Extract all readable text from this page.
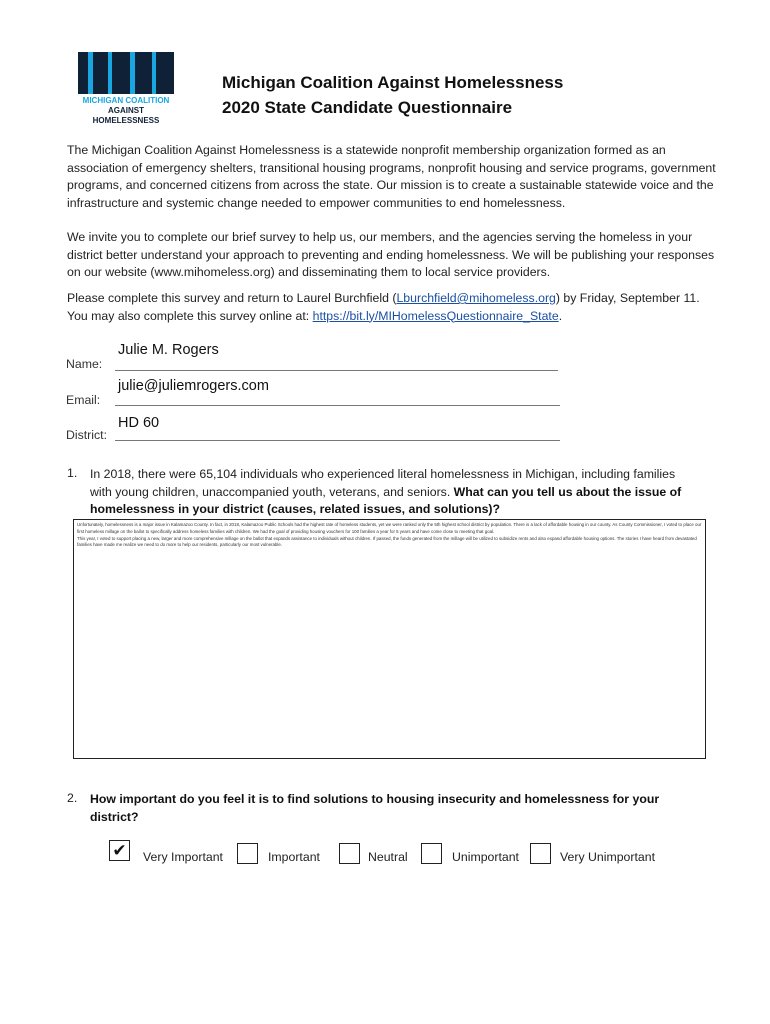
MICHIGAN COALITION
AGAINST HOMELESSNESS
Michigan Coalition Against Homelessness
2020 State Candidate Questionnaire
The Michigan Coalition Against Homelessness is a statewide nonprofit membership organization formed as an association of emergency shelters, transitional housing programs, nonprofit housing and service programs, government programs, and concerned citizens from across the state. Our mission is to create a sustainable statewide voice and the infrastructure and systemic change needed to empower communities to end homelessness.
We invite you to complete our brief survey to help us, our members, and the agencies serving the homeless in your district better understand your approach to preventing and ending homelessness. We will be publishing your responses on our website (www.mihomeless.org) and disseminating them to local service providers.
Please complete this survey and return to Laurel Burchfield (Lburchfield@mihomeless.org) by Friday, September 11. You may also complete this survey online at: https://bit.ly/MIHomelessQuestionnaire_State.
Name:
Julie M. Rogers
Email:
julie@juliemrogers.com
District:
HD 60
1. In 2018, there were 65,104 individuals who experienced literal homelessness in Michigan, including families with young children, unaccompanied youth, veterans, and seniors. What can you tell us about the issue of homelessness in your district (causes, related issues, and solutions)?
Unfortunately, homelessness is a major issue in Kalamazoo County. In fact, in 2018, Kalamazoo Public Schools had the highest rate of homeless students, yet we were ranked only the 5th highest school district by population. There is a lack of affordable housing in our county. As County Commissioner, I voted to place our first homeless millage on the ballot to specifically address homeless families with children. We had the goal of providing housing vouchers for 100 families a year for 5 years and have come close to meeting that goal.
This year, I voted to support placing a new, larger and more comprehensive millage on the ballot that expands assistance to individuals without children. If passed, the funds generated from the millage will be utilized to subsidize rents and also expand affordable housing options. The stories I have heard from devastated families have made me realize we need to do more to help our residents, particularly our most vulnerable.
2. How important do you feel it is to find solutions to housing insecurity and homelessness for your district?
✔ Very Important	Important	Neutral	Unimportant	Very Unimportant
